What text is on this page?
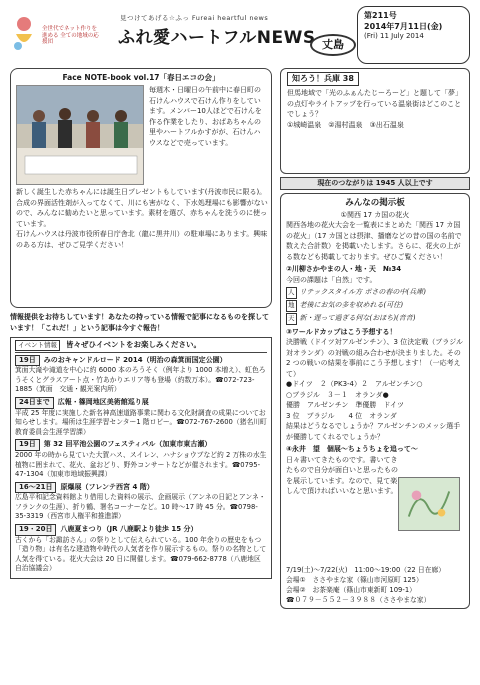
全世代でネット作りを進める 全ての地域の応援団
見つけてあげる☆ふっ Fureai heartful news
ふれ愛ハートフルNEWS 丈島
第211号
2014年7月11日(金)
(Fri) 11 July 2014
Face NOTE-book vol.17「春日エコの会」
毎週木・日曜日の午前中に春日町の石けんハウスで石けん作りをしています。メンバー10人ほどで石けんを作る作業をしたり、おばあちゃんの里やハートフルかすがが、石けんハウスなどで売っています。
新しく誕生した赤ちゃんには誕生日プレゼントもしています(丹波市民に限る)。合成の界面活性剤が入ってなくて、川にも害がなく、下水処理場にも影響がないので、みんなに勧めたいと思っています。素材を選び、赤ちゃんを洗うのに使っています。
石けんハウスは丹波市役所春日庁舎北（龍に黒井川）の駐車場にあります。興味のある方は、ぜひご見学ください！
情報提供をお待ちしています！あなたの持っている情報で記事になるものを探しています！「これだ！」という記事は今すぐ報告！
イベント情報	皆々ぜひイベントをお楽しみください。
19日	みのおキャンドルロード 2014（明治の森箕面国定公園）
箕面大滝や滝道を中心に約 6000 本のろうそく（例年より 1000 本増え）、虹色ろうそくとグラスアート点・竹あかりエリア等も登場（約数万本）。☎072-723-1885（箕面　交通・観光案内所）
24日まで	広報・篠岡地区美術館巡り展
平成 25 年度に実施した新名神高速道路事業に関わる文化財調査の成果についてお知らせします。場所は生涯学習センター1 階ロビー。☎072-767-2600（猪名川町教育委員会生涯学習課）
19日	第 32 回平池公園のフェスティバル（加東市東古瀬）
2000 年の時から見ていた大賀ハス、スイレン、ハナショウブなど約 2 万株の水生植物に囲まれて、花火、盆おどり、野外コンサートなどが催されます。☎0795-47-1304（加東市地域振興課）
16〜21日	原爆展（フレンテ西宮 4 階）
広島平和記念資料館より借用した資料の展示、企画展示（アンネの日記とアンネ・フランクの生涯）、折り鶴、署名コーナーなど。10 時〜17 時 45 分。☎0798-35-3319（西宮市人権平和推進課）
19・20日	八鹿夏まつり（JR 八鹿駅より徒歩 15 分）
古くから「お諏訪さん」の祭りとして伝えられている。100 年余りの歴史をもつ「造り物」は有名な建造物や時代の人気者を作り展示するもの。祭りの名物として人気を得ている。花火大会は 20 日に開催します。☎079-662-8778（八鹿地区自治協議会）
知ろう！兵庫 38
但馬地域で「光のふぁんたじーろーど」と題して「夢」の点灯やライトアップを行っている温泉街はどこのことでしょう？
①城崎温泉　②湯村温泉　③出石温泉
現在のつながりは 1945 人以上です
みんなの掲示板
①関西 17 カ国の花火
関西各地の花火大会を一覧表にまとめた「関西 17 カ国の花火」（17 カ国とは摂津、播磨などの昔の国の名前で数えた合計数）を掲載いたします。さらに、花火の上がる数なども掲載しております。ぜひご覧ください！
②川柳さかやまの人・地・天　№34
今回の課題は「自然」です。
人 リテックスタイル方 ボさの春の中(兵庫)
地 老後にお気の多を収めれる(可住)
天 新・遅って過ぎる何な(おほち)(音音)
③ワールドカップはこう予想する！
決勝戦（ドイツ対アルゼンチン）、3 位決定戦（ブラジル対オランダ）の対戦の組み合わせが決まりました。その 2 つの戦いの結果を事前にこう予想します！（一応考えて）
●ドイツ　２（PK3-4）２　アルゼンチン○
○ブラジル　３－１　オランダ●
優勝　アルゼンチン　準優勝　ドイツ
3 位　ブラジル　　4 位　オランダ
結果はどうなるでしょうか？アルゼンチンのメッシ選手が優勝してくれるでしょうか？
④永井　望　個展〜ちょうちょを追って〜
日々書いてきたものです。書いてきたもので自分が面白いと思ったものを展示しています。なので、見て楽しんで頂ければいいなと思います。
7/19(土)〜7/22(火)　11:00〜19:00（22 日在廊）
会場①　ささやまな家（篠山市河原町 125）
会場②　お茶楽庵（篠山市東新町 109-1）
☎０７９－５５２－３９８８（ささやまな家）
